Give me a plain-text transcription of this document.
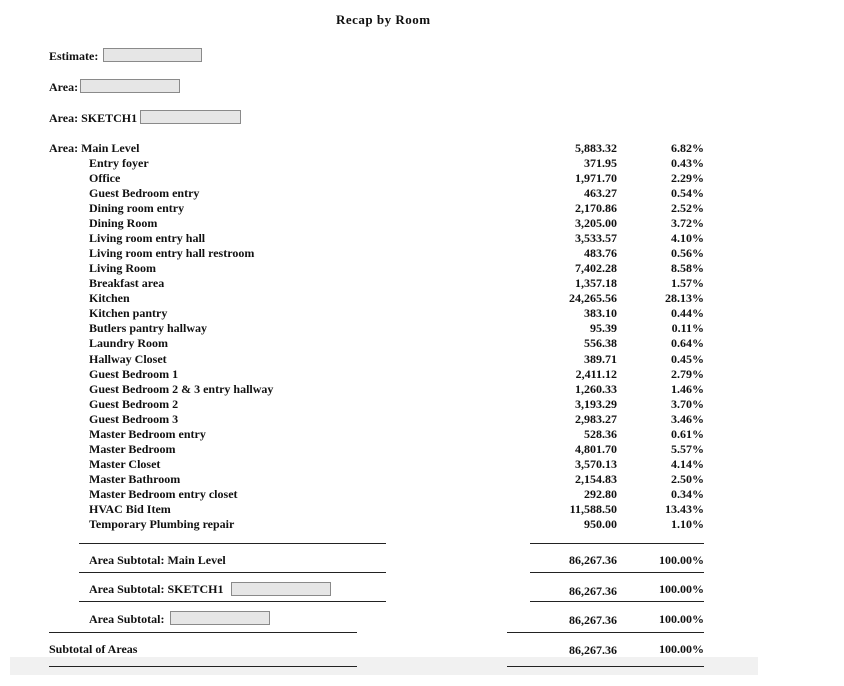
Recap by Room
Estimate:
Area:
Area: SKETCH1
Area: Main Level	5,883.32	6.82%
Entry foyer	371.95	0.43%
Office	1,971.70	2.29%
Guest Bedroom entry	463.27	0.54%
Dining room entry	2,170.86	2.52%
Dining Room	3,205.00	3.72%
Living room entry hall	3,533.57	4.10%
Living room entry hall restroom	483.76	0.56%
Living Room	7,402.28	8.58%
Breakfast area	1,357.18	1.57%
Kitchen	24,265.56	28.13%
Kitchen pantry	383.10	0.44%
Butlers pantry hallway	95.39	0.11%
Laundry Room	556.38	0.64%
Hallway Closet	389.71	0.45%
Guest Bedroom 1	2,411.12	2.79%
Guest Bedroom 2 & 3 entry hallway	1,260.33	1.46%
Guest Bedroom 2	3,193.29	3.70%
Guest Bedroom 3	2,983.27	3.46%
Master Bedroom entry	528.36	0.61%
Master Bedroom	4,801.70	5.57%
Master Closet	3,570.13	4.14%
Master Bathroom	2,154.83	2.50%
Master Bedroom entry closet	292.80	0.34%
HVAC Bid Item	11,588.50	13.43%
Temporary Plumbing repair	950.00	1.10%
Area Subtotal: Main Level	86,267.36	100.00%
Area Subtotal: SKETCH1	86,267.36	100.00%
Area Subtotal:	86,267.36	100.00%
Subtotal of Areas	86,267.36	100.00%
